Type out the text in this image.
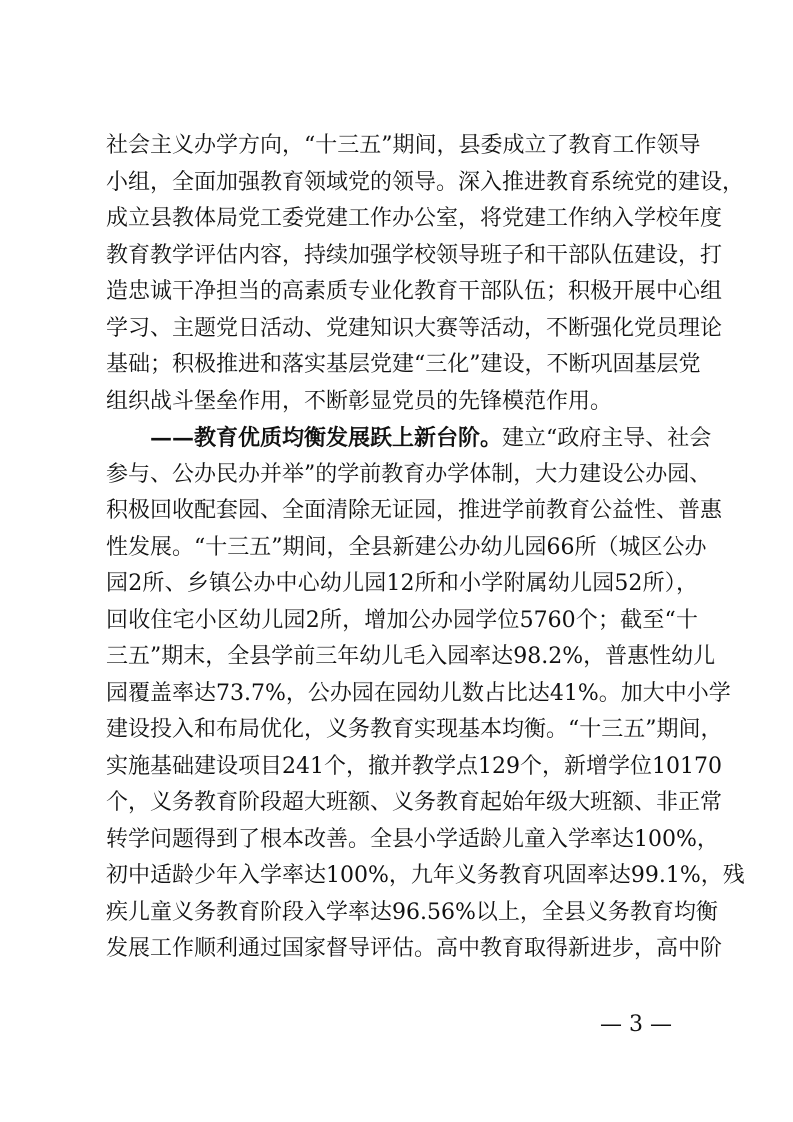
社会主义办学方向，“十三五”期间，县委成立了教育工作领导
小组，全面加强教育领域党的领导。深入推进教育系统党的建设，
成立县教体局党工委党建工作办公室，将党建工作纳入学校年度
教育教学评估内容，持续加强学校领导班子和干部队伍建设，打
造忠诚干净担当的高素质专业化教育干部队伍；积极开展中心组
学习、主题党日活动、党建知识大赛等活动，不断强化党员理论
基础；积极推进和落实基层党建“三化”建设，不断巩固基层党
组织战斗堡垒作用，不断彰显党员的先锋模范作用。
——教育优质均衡发展跃上新台阶。建立“政府主导、社会
参与、公办民办并举”的学前教育办学体制，大力建设公办园、
积极回收配套园、全面清除无证园，推进学前教育公益性、普惠
性发展。“十三五”期间，全县新建公办幼儿园66所（城区公办
园2所、乡镇公办中心幼儿园12所和小学附属幼儿园52所），
回收住宅小区幼儿园2所，增加公办园学位5760个；截至“十
三五”期末，全县学前三年幼儿毛入园率达98.2%，普惠性幼儿
园覆盖率达73.7%，公办园在园幼儿数占比达41%。加大中小学
建设投入和布局优化，义务教育实现基本均衡。“十三五”期间，
实施基础建设项目241个，撤并教学点129个，新增学位10170
个，义务教育阶段超大班额、义务教育起始年级大班额、非正常
转学问题得到了根本改善。全县小学适龄儿童入学率达100%，
初中适龄少年入学率达100%，九年义务教育巩固率达99.1%，残
疾儿童义务教育阶段入学率达96.56%以上，全县义务教育均衡
发展工作顺利通过国家督导评估。高中教育取得新进步，高中阶
— 3 —
